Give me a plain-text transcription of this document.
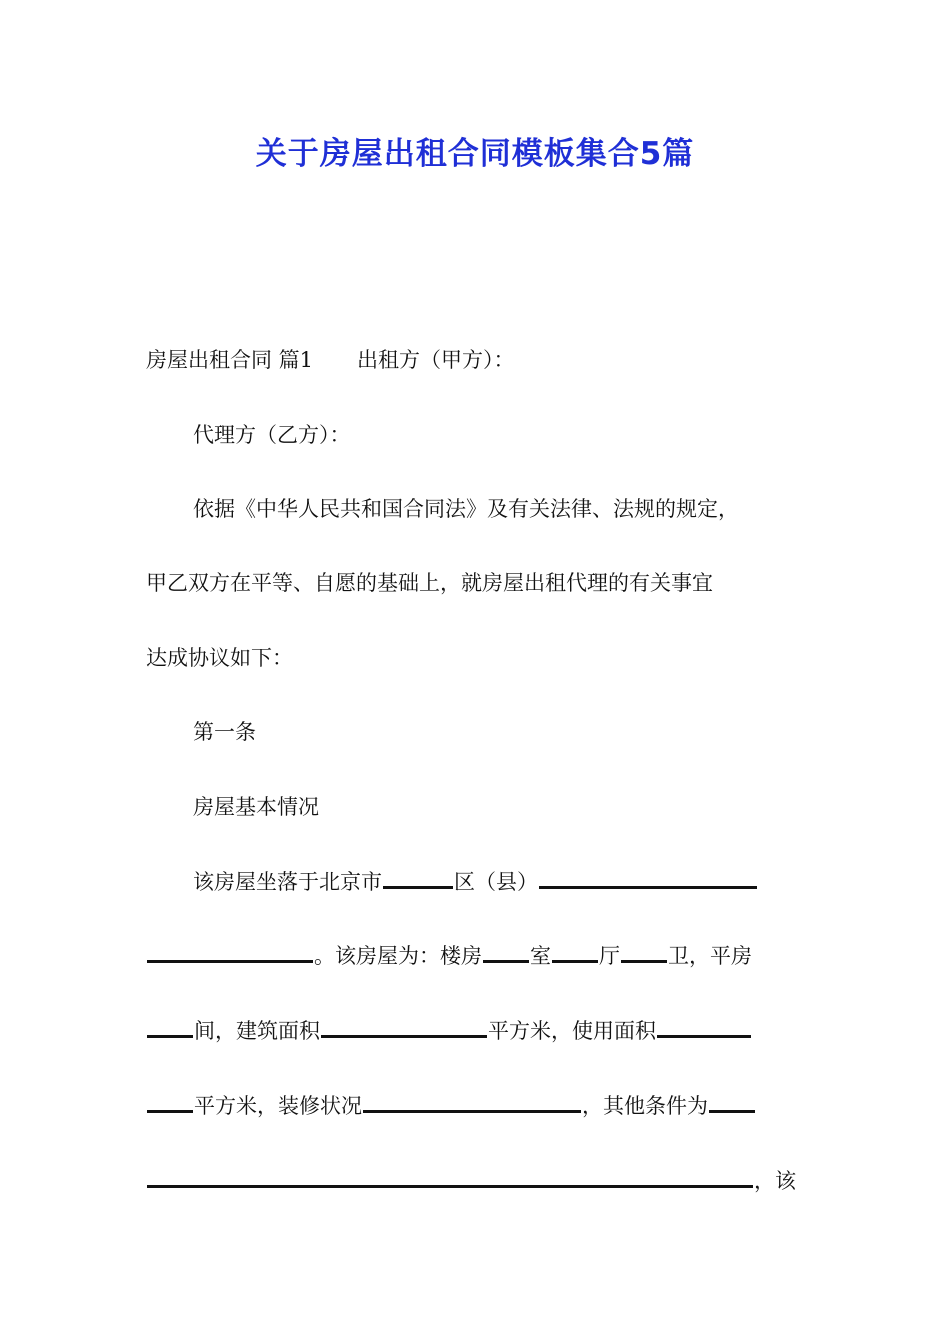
关于房屋出租合同模板集合5篇
房屋出租合同 篇1 出租方（甲方）：
代理方（乙方）：
依据《中华人民共和国合同法》及有关法律、法规的规定，
甲乙双方在平等、自愿的基础上，就房屋出租代理的有关事宜
达成协议如下：
第一条
房屋基本情况
该房屋坐落于北京市	区（县）
。该房屋为：楼房 室 厅 卫，平房
间，建筑面积	平方米，使用面积
平方米，装修状况	，其他条件为
，该
